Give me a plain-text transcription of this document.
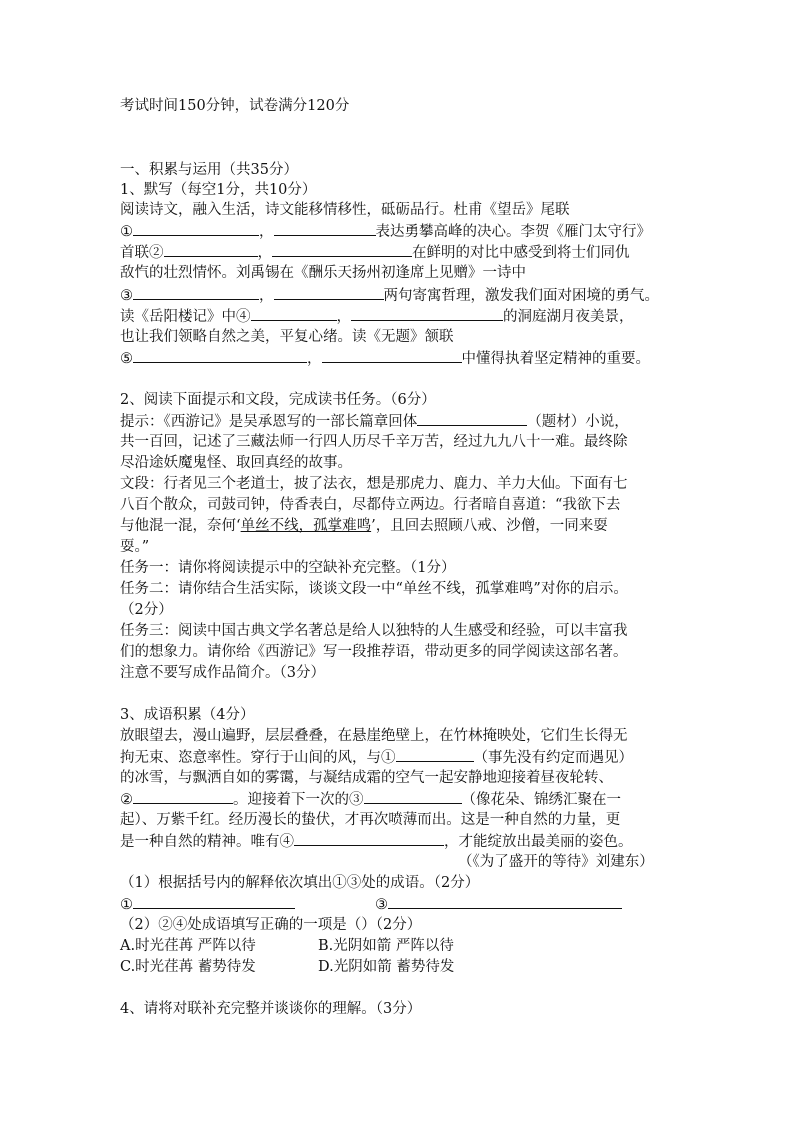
考试时间150分钟，试卷满分120分
一、积累与运用（共35分）
1、默写（每空1分，共10分）
阅读诗文，融入生活，诗文能移情移性，砥砺品行。杜甫《望岳》尾联
①	，	表达勇攀高峰的决心。李贺《雁门太守行》
首联②	，	在鲜明的对比中感受到将士们同仇
敌忾的壮烈情怀。刘禹锡在《酬乐天扬州初逢席上见赠》一诗中
③	，	两句寄寓哲理，激发我们面对困境的勇气。
读《岳阳楼记》中④	，	的洞庭湖月夜美景，
也让我们领略自然之美，平复心绪。读《无题》颔联
⑤	，	中懂得执着坚定精神的重要。
2、阅读下面提示和文段，完成读书任务。（6分）
提示：《西游记》是吴承恩写的一部长篇章回体	（题材）小说，
共一百回，记述了三藏法师一行四人历尽千辛万苦，经过九九八十一难。最终除
尽沿途妖魔鬼怪、取回真经的故事。
文段：行者见三个老道士，披了法衣，想是那虎力、鹿力、羊力大仙。下面有七
八百个散众，司鼓司钟，侍香表白，尽都侍立两边。行者暗自喜道：“我欲下去
与他混一混，奈何‘单丝不线，孤掌难鸣’，且回去照顾八戒、沙僧，一同来耍
耍。”
任务一：请你将阅读提示中的空缺补充完整。（1分）
任务二：请你结合生活实际，谈谈文段一中“单丝不线，孤掌难鸣”对你的启示。
（2分）
任务三：阅读中国古典文学名著总是给人以独特的人生感受和经验，可以丰富我
们的想象力。请你给《西游记》写一段推荐语，带动更多的同学阅读这部名著。
注意不要写成作品简介。（3分）
3、成语积累（4分）
放眼望去，漫山遍野，层层叠叠，在悬崖绝壁上，在竹林掩映处，它们生长得无
拘无束、恣意率性。穿行于山间的风，与①	（事先没有约定而遇见）
的冰雪，与飘洒自如的雾霭，与凝结成霜的空气一起安静地迎接着昼夜轮转、
②	。迎接着下一次的③	（像花朵、锦绣汇聚在一
起）、万紫千红。经历漫长的蛰伏，才再次喷薄而出。这是一种自然的力量，更
是一种自然的精神。唯有④	，才能绽放出最美丽的姿色。
（《为了盛开的等待》刘建东）
（1）根据括号内的解释依次填出①③处的成语。（2分）
①	③
（2）②④处成语填写正确的一项是（）（2分）
A.时光荏苒 严阵以待	B.光阴如箭 严阵以待
C.时光荏苒 蓄势待发	D.光阴如箭 蓄势待发
4、请将对联补充完整并谈谈你的理解。（3分）
